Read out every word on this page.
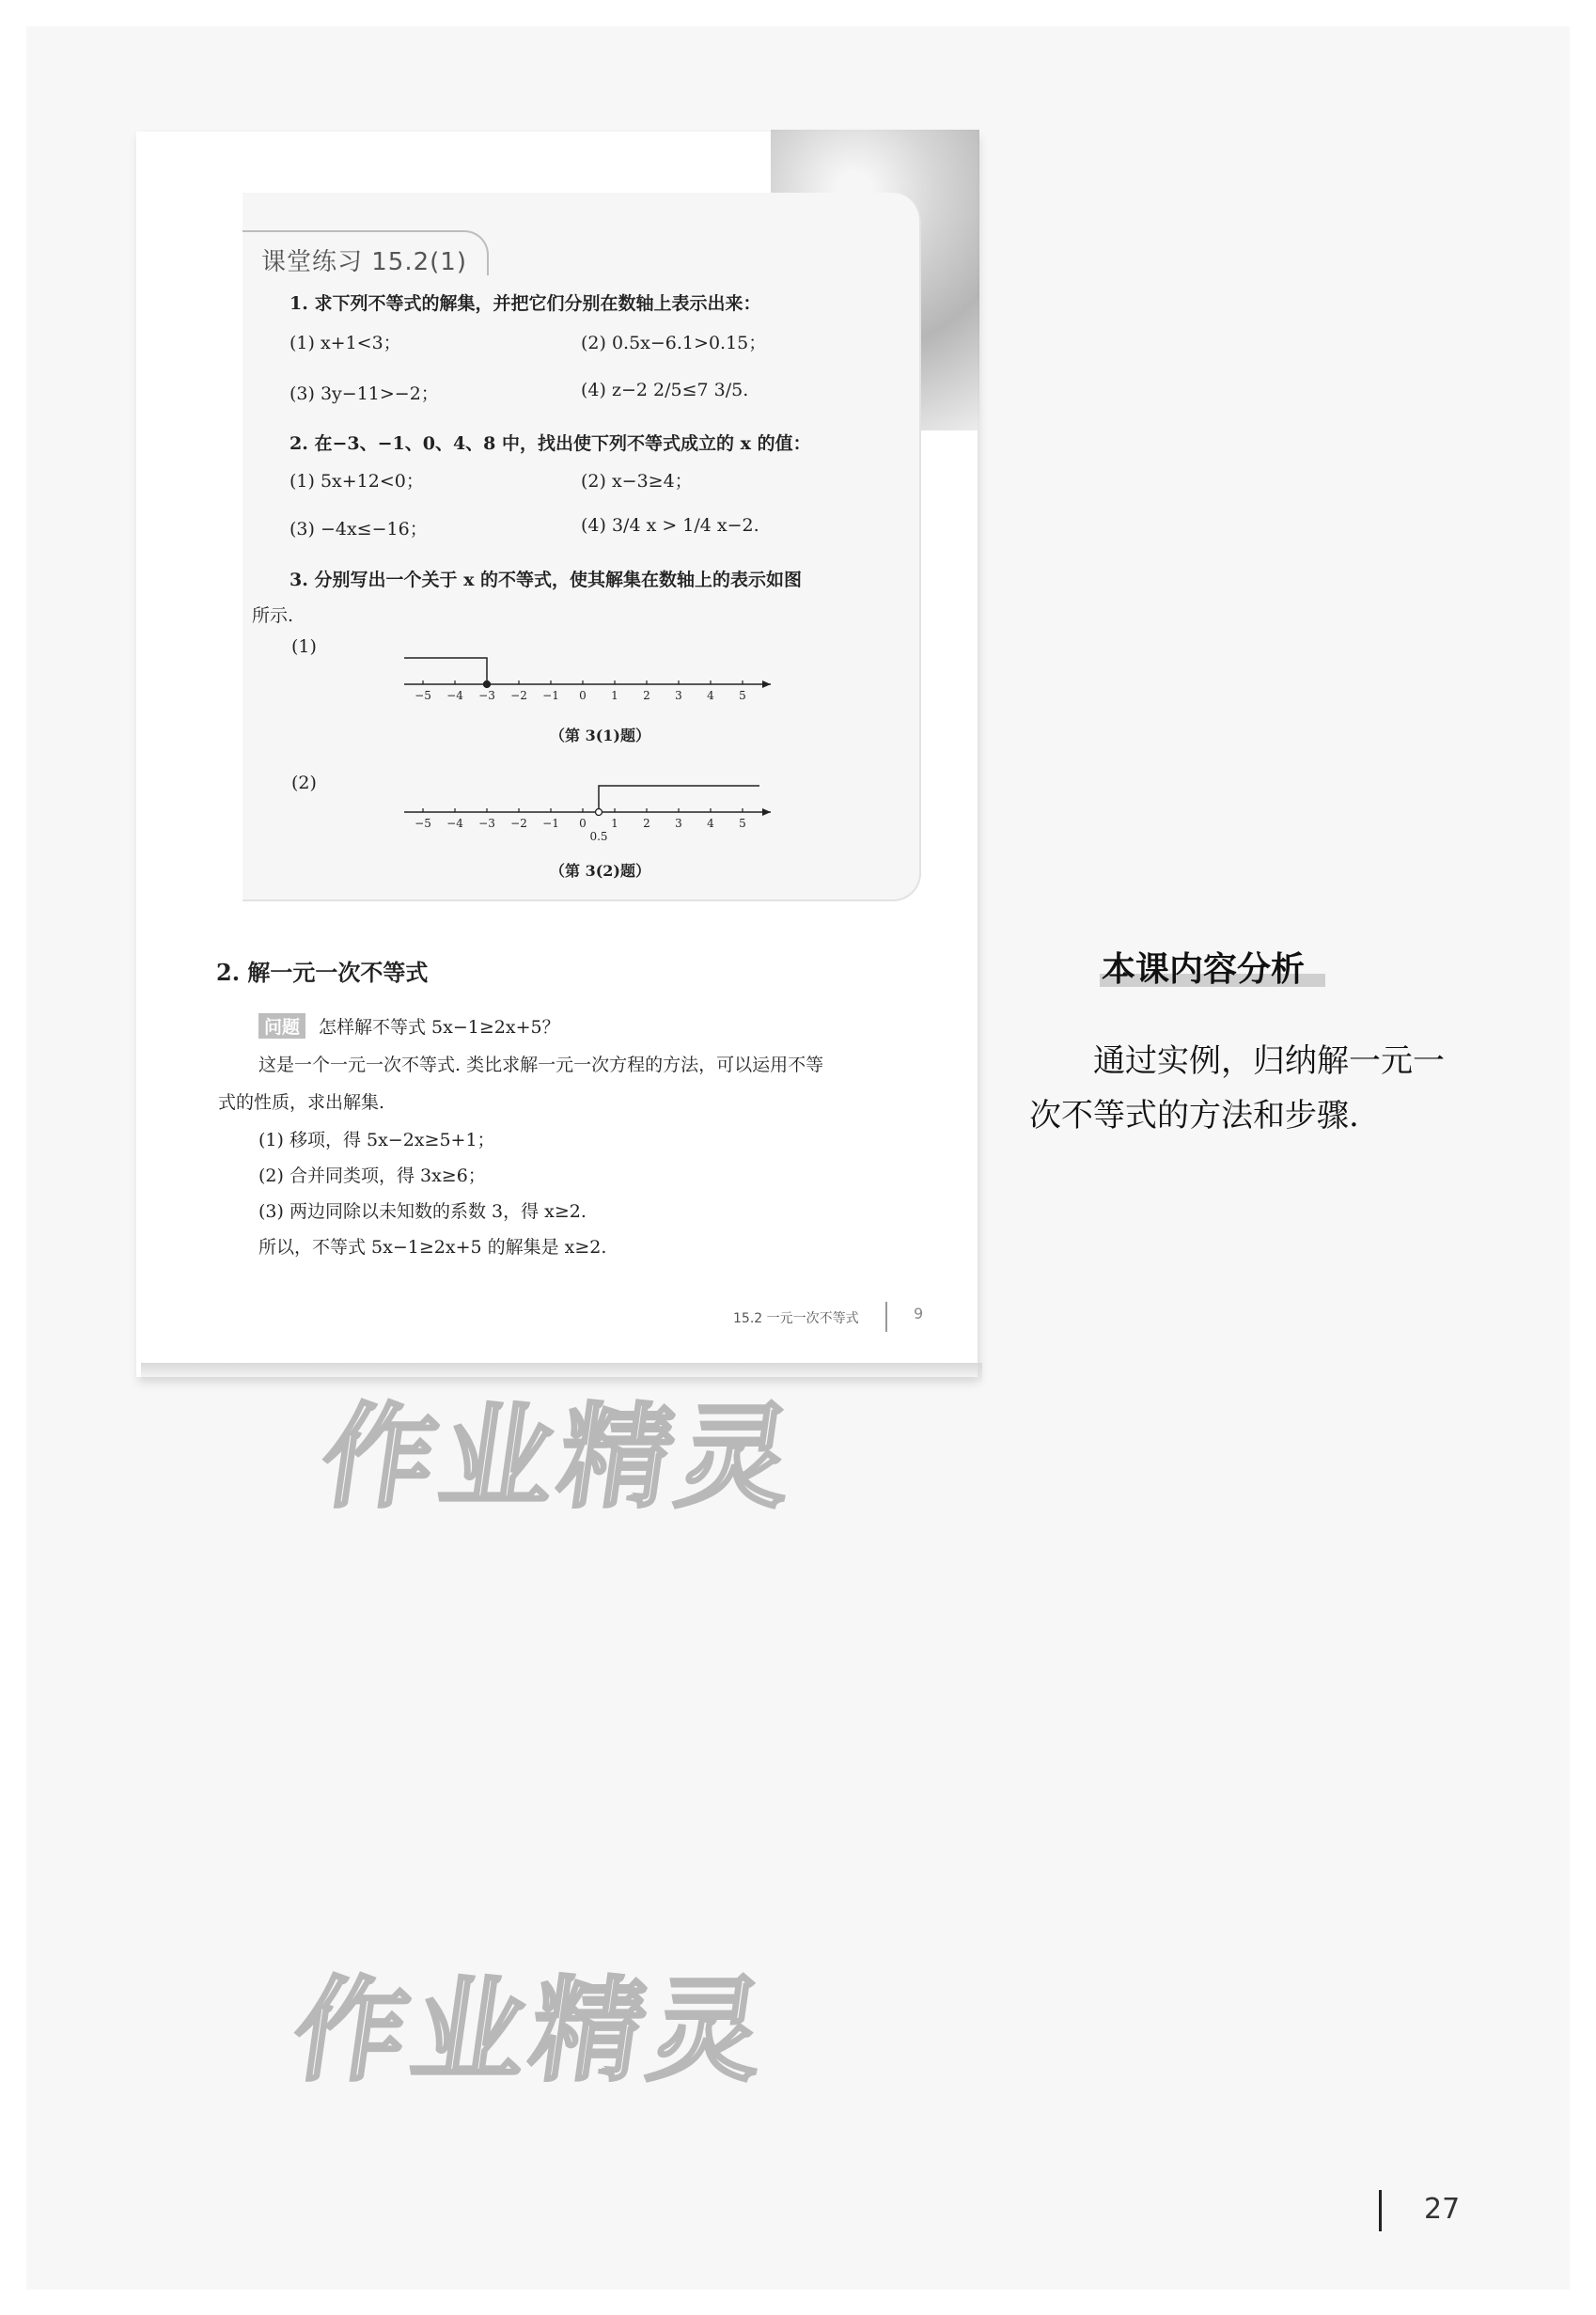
课堂练习 15.2(1)
1. 求下列不等式的解集，并把它们分别在数轴上表示出来：
(1) x+1<3；	(2) 0.5x−6.1>0.15；
(3) 3y−11>−2；	(4) z−2 2/5≤7 3/5.
2. 在−3、−1、0、4、8 中，找出使下列不等式成立的 x 的值：
(1) 5x+12<0；	(2) x−3≥4；
(3) −4x≤−16；	(4) 3/4 x > 1/4 x−2.
3. 分别写出一个关于 x 的不等式，使其解集在数轴上的表示如图
所示.
(1)
−5 −4 −3 −2 −1 0 1 2 3 4 5
（第 3(1)题）
(2)
−5 −4 −3 −2 −1 0 1 2 3 4 5
0.5
（第 3(2)题）
2. 解一元一次不等式
问题 怎样解不等式 5x−1≥2x+5？
这是一个一元一次不等式. 类比求解一元一次方程的方法，可以运用不等
式的性质，求出解集.
(1) 移项，得 5x−2x≥5+1；
(2) 合并同类项，得 3x≥6；
(3) 两边同除以未知数的系数 3，得 x≥2.
所以，不等式 5x−1≥2x+5 的解集是 x≥2.
15.2 一元一次不等式	9
作业精灵
作业精灵
本课内容分析
通过实例，归纳解一元一次不等式的方法和步骤.
27
